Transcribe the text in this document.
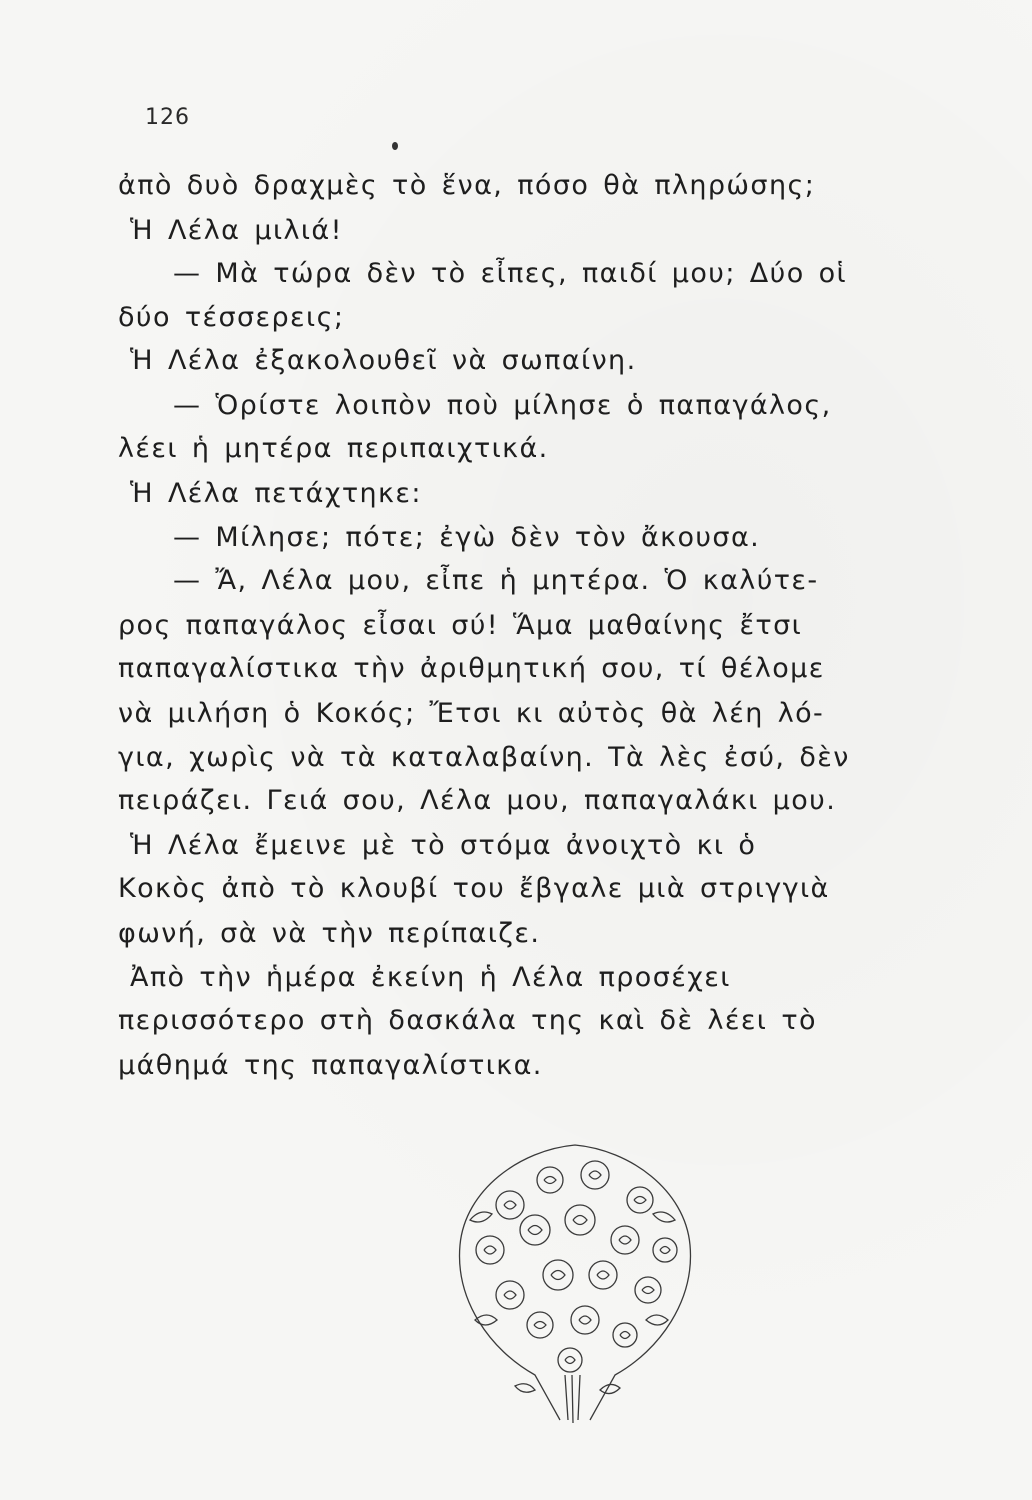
126
ἀπὸ δυὸ δραχμὲς τὸ ἕνα, πόσο θὰ πληρώσης;
Ἡ Λέλα μιλιά!
— Μὰ τώρα δὲν τὸ εἶπες, παιδί μου; Δύο οἱ
δύο τέσσερεις;
Ἡ Λέλα ἐξακολουθεῖ νὰ σωπαίνη.
— Ὁρίστε λοιπὸν ποὺ μίλησε ὁ παπαγάλος,
λέει ἡ μητέρα περιπαιχτικά.
Ἡ Λέλα πετάχτηκε:
— Μίλησε; πότε; ἐγὼ δὲν τὸν ἄκουσα.
— Ἄ, Λέλα μου, εἶπε ἡ μητέρα. Ὁ καλύτε-
ρος παπαγάλος εἶσαι σύ! Ἅμα μαθαίνης ἔτσι
παπαγαλίστικα τὴν ἀριθμητική σου, τί θέλομε
νὰ μιλήση ὁ Κοκός; Ἔτσι κι αὐτὸς θὰ λέη λό-
για, χωρὶς νὰ τὰ καταλαβαίνη. Τὰ λὲς ἐσύ, δὲν
πειράζει. Γειά σου, Λέλα μου, παπαγαλάκι μου.
Ἡ Λέλα ἔμεινε μὲ τὸ στόμα ἀνοιχτὸ κι ὁ
Κοκὸς ἀπὸ τὸ κλουβί του ἔβγαλε μιὰ στριγγιὰ
φωνή, σὰ νὰ τὴν περίπαιζε.
Ἀπὸ τὴν ἡμέρα ἐκείνη ἡ Λέλα προσέχει
περισσότερο στὴ δασκάλα της καὶ δὲ λέει τὸ
μάθημά της παπαγαλίστικα.
